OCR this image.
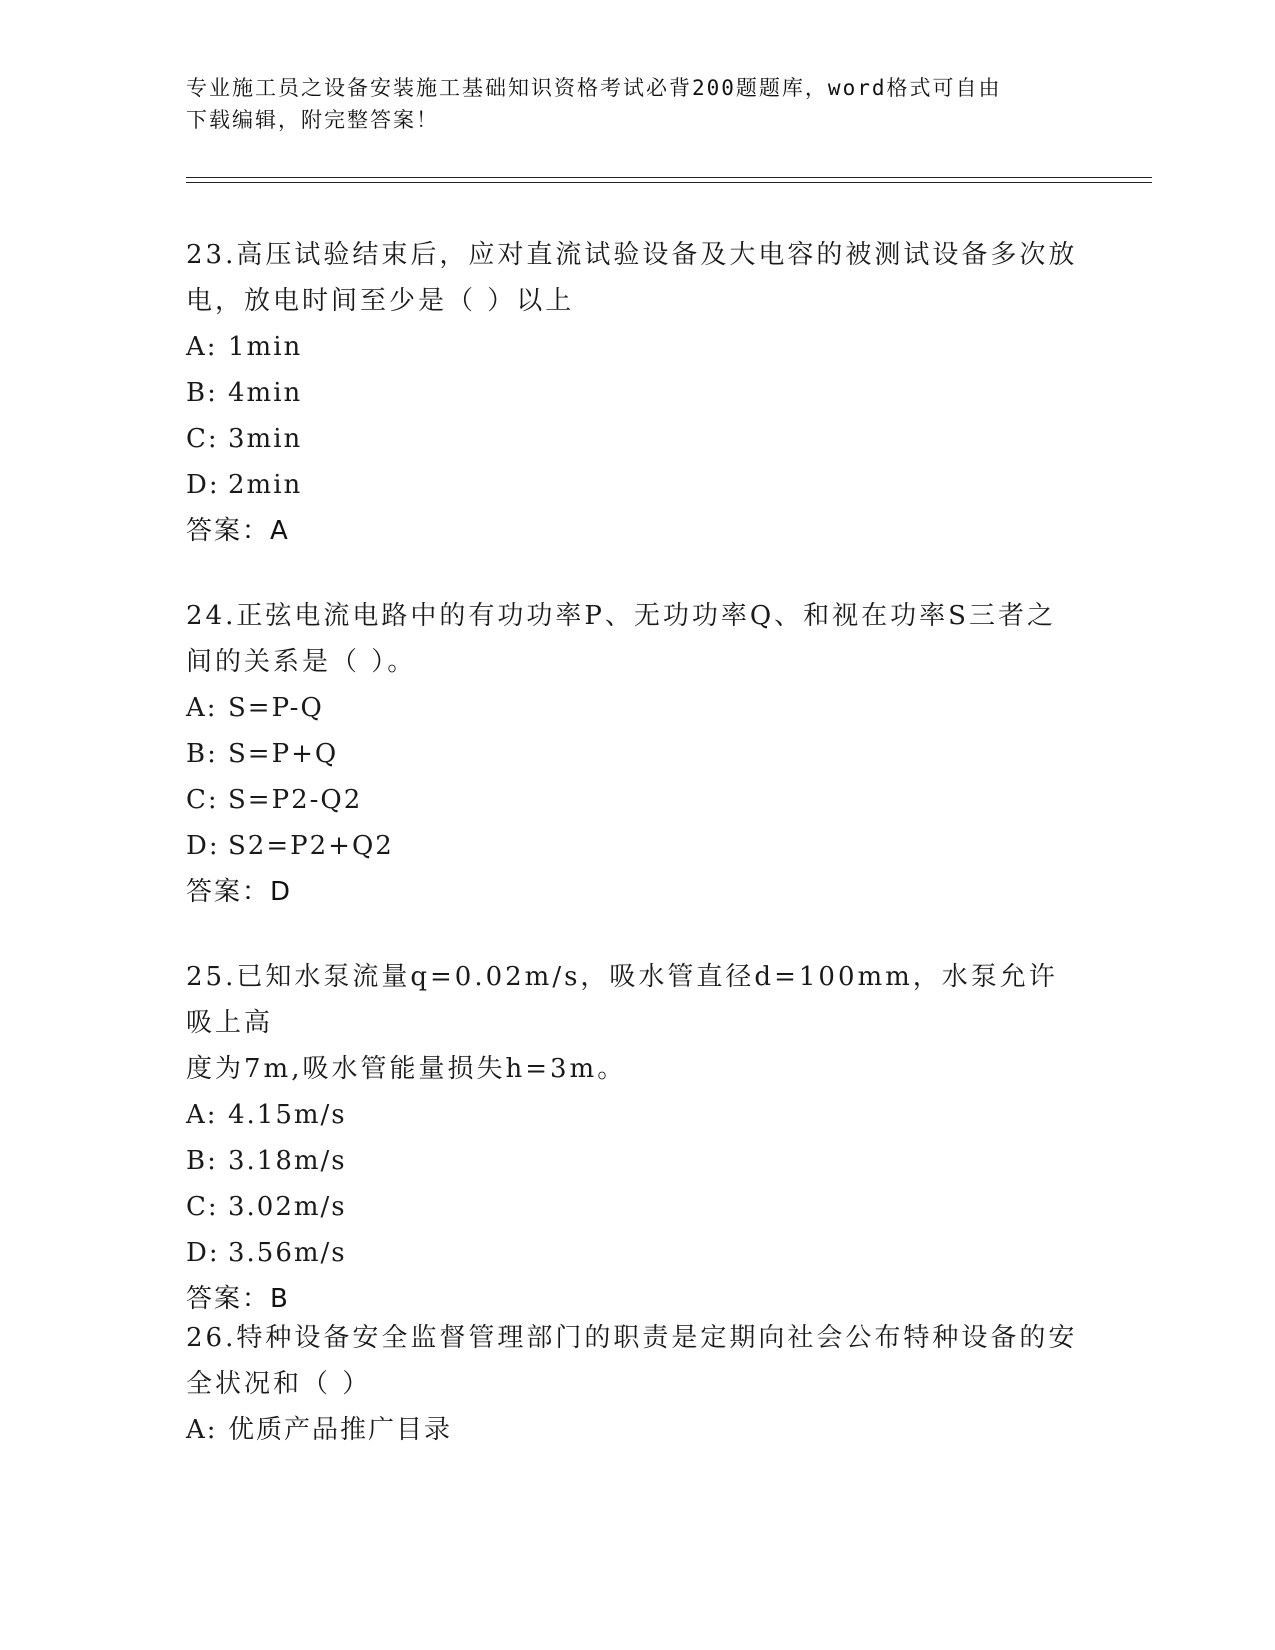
专业施工员之设备安装施工基础知识资格考试必背200题题库，word格式可自由
下载编辑，附完整答案！

23.高压试验结束后，应对直流试验设备及大电容的被测试设备多次放

电，放电时间至少是（ ）以上

A: 1min

B: 4min

C: 3min

D: 2min

答案：A

24.正弦电流电路中的有功功率P、无功功率Q、和视在功率S三者之

间的关系是（ ）。

A: S=P-Q

B: S=P+Q

C: S=P2-Q2

D: S2=P2+Q2

答案：D

25.已知水泵流量q=0.02m/s，吸水管直径d=100mm，水泵允许吸上高

度为7m,吸水管能量损失h=3m。

A: 4.15m/s

B: 3.18m/s

C: 3.02m/s

D: 3.56m/s

答案：B

26.特种设备安全监督管理部门的职责是定期向社会公布特种设备的安

全状况和（ ）

A: 优质产品推广目录
